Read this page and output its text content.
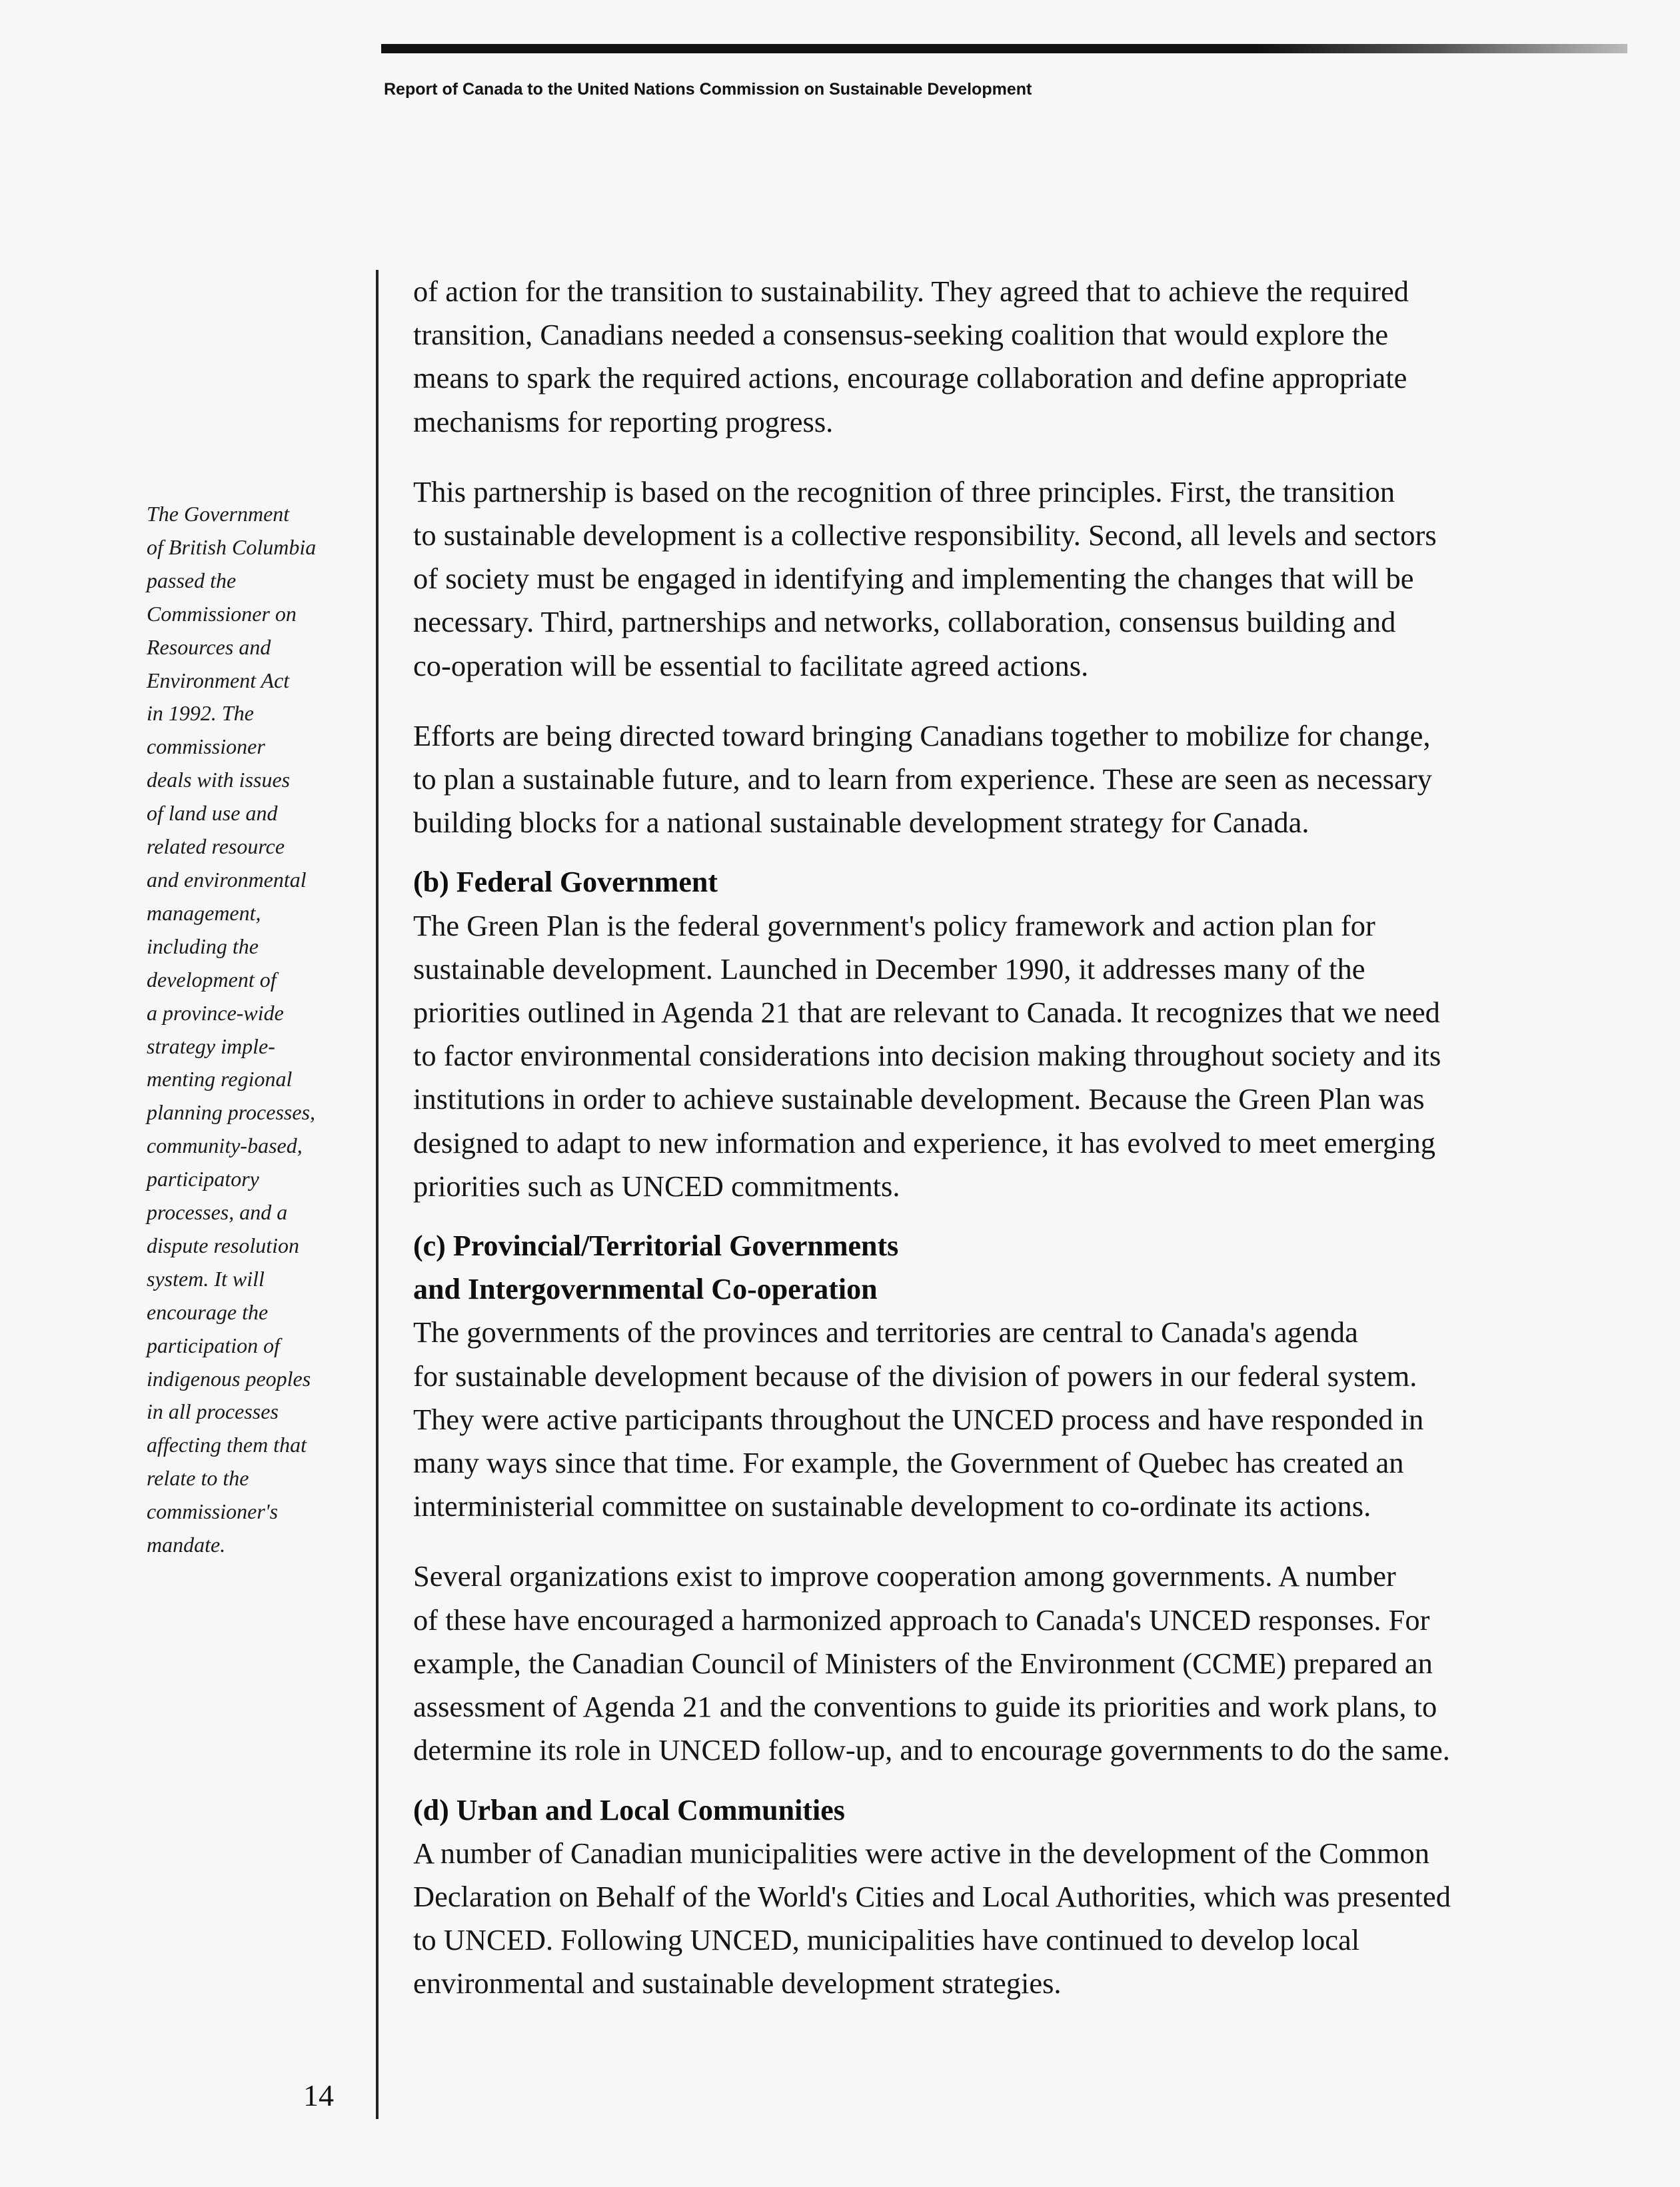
Report of Canada to the United Nations Commission on Sustainable Development
The Government
of British Columbia
passed the
Commissioner on
Resources and
Environment Act
in 1992. The
commissioner
deals with issues
of land use and
related resource
and environmental
management,
including the
development of
a province-wide
strategy imple-
menting regional
planning processes,
community-based,
participatory
processes, and a
dispute resolution
system. It will
encourage the
participation of
indigenous peoples
in all processes
affecting them that
relate to the
commissioner's
mandate.

of action for the transition to sustainability. They agreed that to achieve the required
transition, Canadians needed a consensus-seeking coalition that would explore the
means to spark the required actions, encourage collaboration and define appropriate
mechanisms for reporting progress.

This partnership is based on the recognition of three principles. First, the transition
to sustainable development is a collective responsibility. Second, all levels and sectors
of society must be engaged in identifying and implementing the changes that will be
necessary. Third, partnerships and networks, collaboration, consensus building and
co-operation will be essential to facilitate agreed actions.

Efforts are being directed toward bringing Canadians together to mobilize for change,
to plan a sustainable future, and to learn from experience. These are seen as necessary
building blocks for a national sustainable development strategy for Canada.

(b) Federal Government

The Green Plan is the federal government's policy framework and action plan for
sustainable development. Launched in December 1990, it addresses many of the
priorities outlined in Agenda 21 that are relevant to Canada. It recognizes that we need
to factor environmental considerations into decision making throughout society and its
institutions in order to achieve sustainable development. Because the Green Plan was
designed to adapt to new information and experience, it has evolved to meet emerging
priorities such as UNCED commitments.

(c) Provincial/Territorial Governments
and Intergovernmental Co-operation

The governments of the provinces and territories are central to Canada's agenda
for sustainable development because of the division of powers in our federal system.
They were active participants throughout the UNCED process and have responded in
many ways since that time. For example, the Government of Quebec has created an
interministerial committee on sustainable development to co-ordinate its actions.

Several organizations exist to improve cooperation among governments. A number
of these have encouraged a harmonized approach to Canada's UNCED responses. For
example, the Canadian Council of Ministers of the Environment (CCME) prepared an
assessment of Agenda 21 and the conventions to guide its priorities and work plans, to
determine its role in UNCED follow-up, and to encourage governments to do the same.

(d) Urban and Local Communities

A number of Canadian municipalities were active in the development of the Common
Declaration on Behalf of the World's Cities and Local Authorities, which was presented
to UNCED. Following UNCED, municipalities have continued to develop local
environmental and sustainable development strategies.

14
